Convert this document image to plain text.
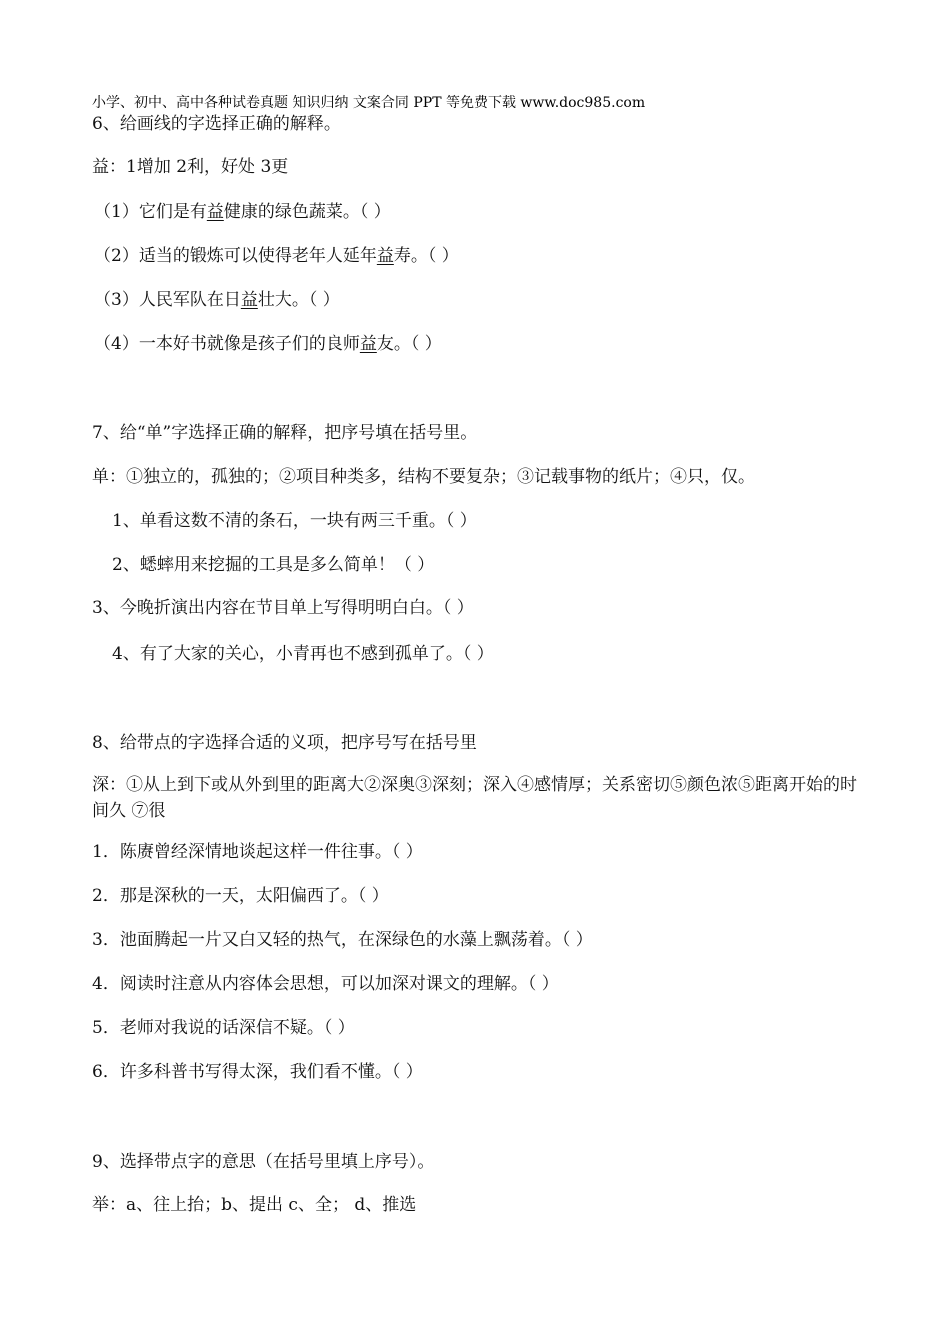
小学、初中、高中各种试卷真题 知识归纳 文案合同 PPT 等免费下载 www.doc985.com
6、给画线的字选择正确的解释。
益：1增加 2利，好处 3更
（1）它们是有益健康的绿色蔬菜。（ ）
（2）适当的锻炼可以使得老年人延年益寿。（ ）
（3）人民军队在日益壮大。（ ）
（4）一本好书就像是孩子们的良师益友。（ ）
7、给“单”字选择正确的解释，把序号填在括号里。
单：①独立的，孤独的；②项目种类多，结构不要复杂；③记载事物的纸片；④只，仅。
1、单看这数不清的条石，一块有两三千重。（ ）
2、蟋蟀用来挖掘的工具是多么简单！（ ）
3、今晚折演出内容在节目单上写得明明白白。（ ）
4、有了大家的关心，小青再也不感到孤单了。（ ）
8、给带点的字选择合适的义项，把序号写在括号里
深：①从上到下或从外到里的距离大②深奥③深刻；深入④感情厚；关系密切⑤颜色浓⑤距离开始的时间久 ⑦很
1．陈赓曾经深情地谈起这样一件往事。（ ）
2．那是深秋的一天，太阳偏西了。（ ）
3．池面腾起一片又白又轻的热气，在深绿色的水藻上飘荡着。（ ）
4．阅读时注意从内容体会思想，可以加深对课文的理解。（ ）
5．老师对我说的话深信不疑。（ ）
6．许多科普书写得太深，我们看不懂。（ ）
9、选择带点字的意思（在括号里填上序号）。
举：a、往上抬；b、提出 c、全； d、推选
